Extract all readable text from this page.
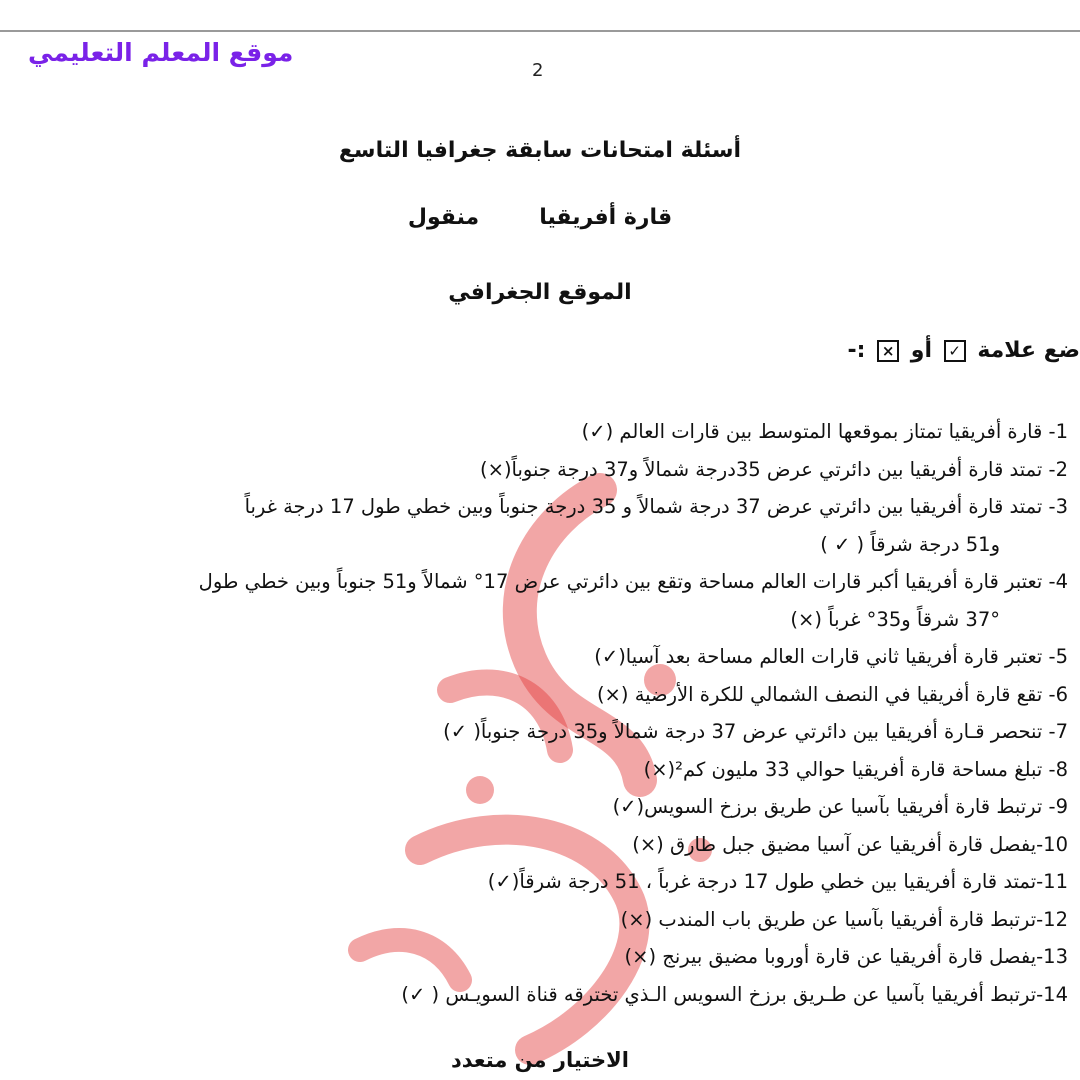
موقع المعلم التعليمي
2
أسئلة امتحانات سابقة جغرافيا التاسع
قارة أفريقيامنقول
الموقع الجغرافي
ضع علامة ✓ أو × :-
1- قارة أفريقيا تمتاز بموقعها المتوسط بين قارات العالم (✓)
2- تمتد قارة أفريقيا بين دائرتي عرض 35درجة شمالاً و37 درجة جنوباً(×)
3- تمتد قارة أفريقيا بين دائرتي عرض 37 درجة شمالاً و 35 درجة جنوباً وبين خطي طول 17 درجة غرباً
و51 درجة شرقاً ( ✓ )
4- تعتبر قارة أفريقيا أكبر قارات العالم مساحة وتقع بين دائرتي عرض 17° شمالاً و51 جنوباً وبين خطي طول
37° شرقاً و35° غرباً (×)
5- تعتبر قارة أفريقيا ثاني قارات العالم مساحة بعد آسيا(✓)
6- تقع قارة أفريقيا في النصف الشمالي للكرة الأرضية (×)
7- تنحصر قـارة أفريقيا بين دائرتي عرض 37 درجة شمالاً و35 درجة جنوباً( ✓)
8- تبلغ مساحة قارة أفريقيا حوالي 33 مليون كم²(×)
9- ترتبط قارة أفريقيا بآسيا عن طريق برزخ السويس(✓)
10-يفصل قارة أفريقيا عن آسيا مضيق جبل طارق (×)
11-تمتد قارة أفريقيا بين خطي طول 17 درجة غرباً ، 51 درجة شرقاً(✓)
12-ترتبط قارة أفريقيا بآسيا عن طريق باب المندب (×)
13-يفصل قارة أفريقيا عن قارة أوروبا مضيق بيرنج (×)
14-ترتبط أفريقيا بآسيا عن طـريق برزخ السويس الـذي تخترقه قناة السويـس ( ✓)
الاختيار من متعدد
